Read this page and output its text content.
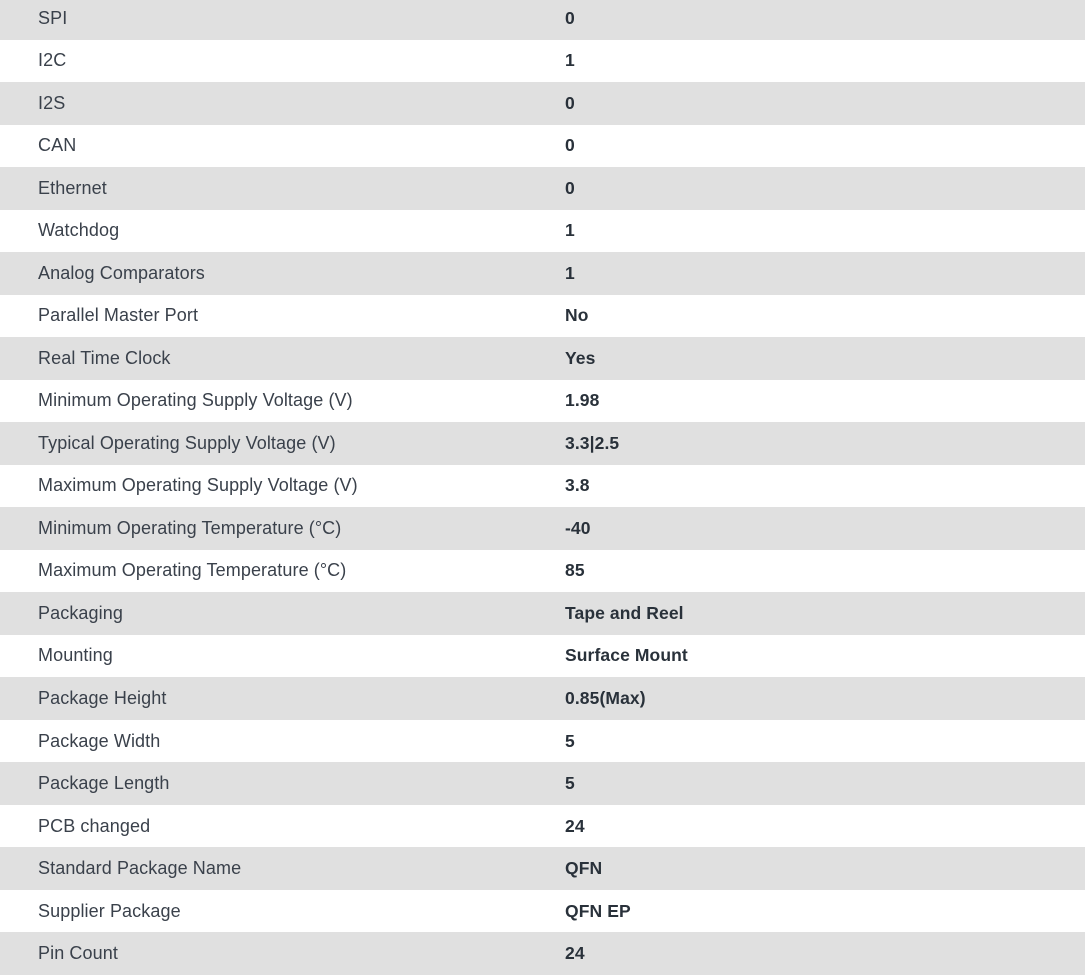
SPI	0
I2C	1
I2S	0
CAN	0
Ethernet	0
Watchdog	1
Analog Comparators	1
Parallel Master Port	No
Real Time Clock	Yes
Minimum Operating Supply Voltage (V)	1.98
Typical Operating Supply Voltage (V)	3.3|2.5
Maximum Operating Supply Voltage (V)	3.8
Minimum Operating Temperature (°C)	-40
Maximum Operating Temperature (°C)	85
Packaging	Tape and Reel
Mounting	Surface Mount
Package Height	0.85(Max)
Package Width	5
Package Length	5
PCB changed	24
Standard Package Name	QFN
Supplier Package	QFN EP
Pin Count	24
